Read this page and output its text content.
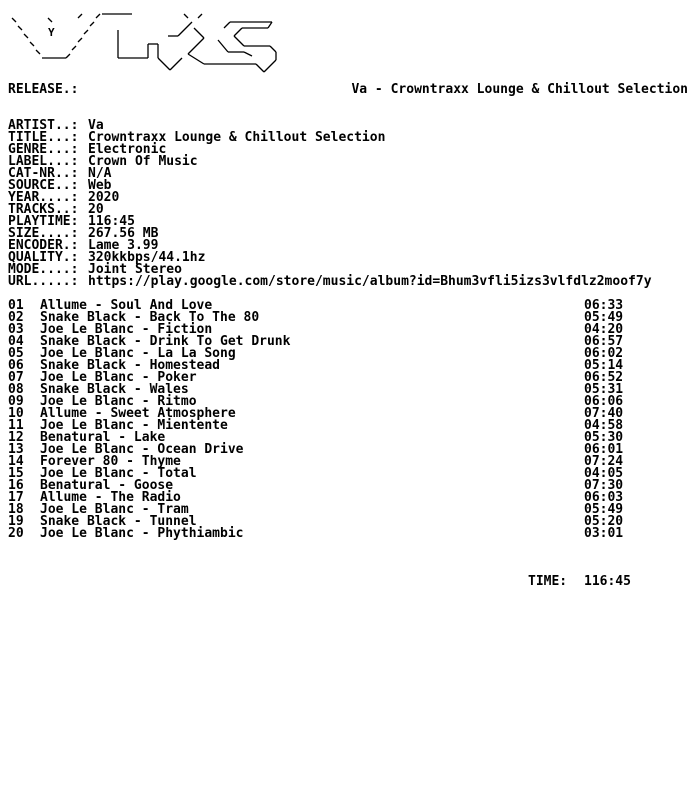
Y
RELEASE.:	Va - Crowntraxx Lounge & Chillout Selection
ARTIST..: Va
TITLE...: Crowntraxx Lounge & Chillout Selection
GENRE...: Electronic
LABEL...: Crown Of Music
CAT-NR..: N/A
SOURCE..: Web
YEAR....: 2020
TRACKS..: 20
PLAYTIME: 116:45
SIZE....: 267.56 MB
ENCODER.: Lame 3.99
QUALITY.: 320kkbps/44.1hz
MODE....: Joint Stereo
URL.....: https://play.google.com/store/music/album?id=Bhum3vfli5izs3vlfdlz2moof7y
01 Allume - Soul And Love	06:33
02 Snake Black - Back To The 80	05:49
03 Joe Le Blanc - Fiction	04:20
04 Snake Black - Drink To Get Drunk	06:57
05 Joe Le Blanc - La La Song	06:02
06 Snake Black - Homestead	05:14
07 Joe Le Blanc - Poker	06:52
08 Snake Black - Wales	05:31
09 Joe Le Blanc - Ritmo	06:06
10 Allume - Sweet Atmosphere	07:40
11 Joe Le Blanc - Mientente	04:58
12 Benatural - Lake	05:30
13 Joe Le Blanc - Ocean Drive	06:01
14 Forever 80 - Thyme	07:24
15 Joe Le Blanc - Total	04:05
16 Benatural - Goose	07:30
17 Allume - The Radio	06:03
18 Joe Le Blanc - Tram	05:49
19 Snake Black - Tunnel	05:20
20 Joe Le Blanc - Phythiambic	03:01
TIME: 116:45
